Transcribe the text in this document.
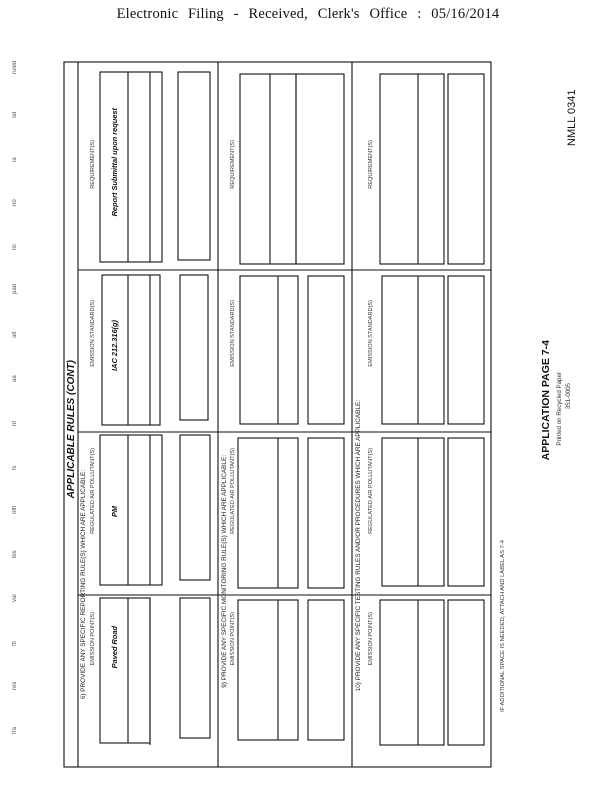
Electronic Filing - Received, Clerk's Office : 05/16/2014
NMLL 0341
ruled
sd
la
no
lsl
pad
alt
aa
nt
ls
oth
lbs
val
ttl
res
fra
APPLICABLE RULES (CONT)
6) PROVIDE ANY SPECIFIC REPORTING RULE(S) WHICH ARE APPLICABLE: EMISSION POINT(S)
REGULATED AIR POLLUTANT(S)
EMISSION STANDARD(S)
REQUIREMENT(S)
Paved Road
PM
IAC 212.316(g)
Report Submittal upon request
9) PROVIDE ANY SPECIFIC MONITORING RULE(S) WHICH ARE APPLICABLE: EMISSION POINT(S)
REGULATED AIR POLLUTANT(S)
EMISSION STANDARD(S)
REQUIREMENT(S)
10) PROVIDE ANY SPECIFIC TESTING RULES AND/OR PROCEDURES WHICH ARE APPLICABLE: EMISSION POINT(S)
REGULATED AIR POLLUTANT(S)
EMISSION STANDARD(S)
REQUIREMENT(S)
IF ADDITIONAL SPACE IS NEEDED, ATTACH AND LABEL AS 7-4
APPLICATION PAGE 7-4 Printed on Recycled Paper 351-0005
